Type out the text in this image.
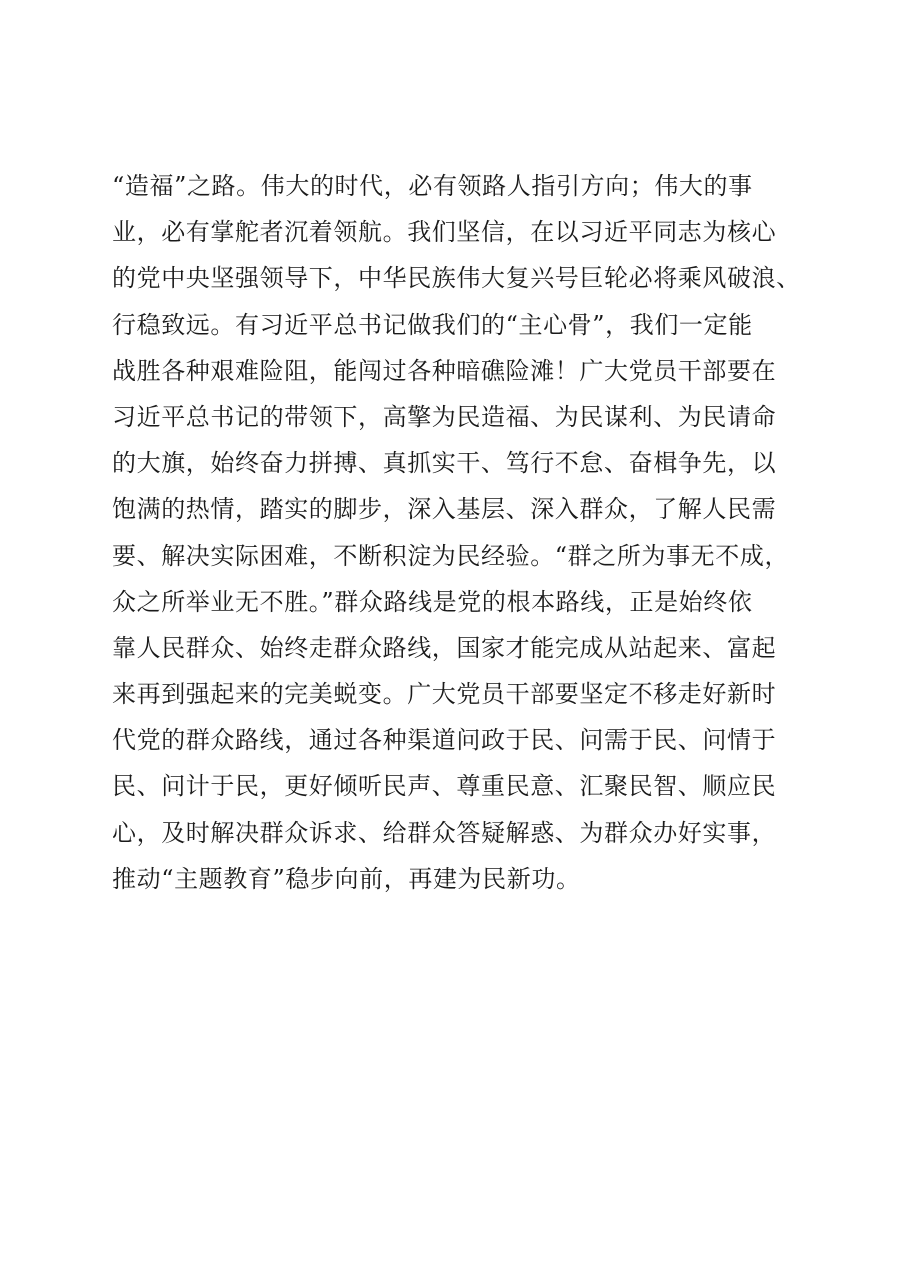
“造福”之路。伟大的时代，必有领路人指引方向；伟大的事
业，必有掌舵者沉着领航。我们坚信，在以习近平同志为核心
的党中央坚强领导下，中华民族伟大复兴号巨轮必将乘风破浪、
行稳致远。有习近平总书记做我们的“主心骨”，我们一定能
战胜各种艰难险阻，能闯过各种暗礁险滩！广大党员干部要在
习近平总书记的带领下，高擎为民造福、为民谋利、为民请命
的大旗，始终奋力拼搏、真抓实干、笃行不怠、奋楫争先，以
饱满的热情，踏实的脚步，深入基层、深入群众，了解人民需
要、解决实际困难，不断积淀为民经验。“群之所为事无不成，
众之所举业无不胜。”群众路线是党的根本路线，正是始终依
靠人民群众、始终走群众路线，国家才能完成从站起来、富起
来再到强起来的完美蜕变。广大党员干部要坚定不移走好新时
代党的群众路线，通过各种渠道问政于民、问需于民、问情于
民、问计于民，更好倾听民声、尊重民意、汇聚民智、顺应民
心，及时解决群众诉求、给群众答疑解惑、为群众办好实事，
推动“主题教育”稳步向前，再建为民新功。
